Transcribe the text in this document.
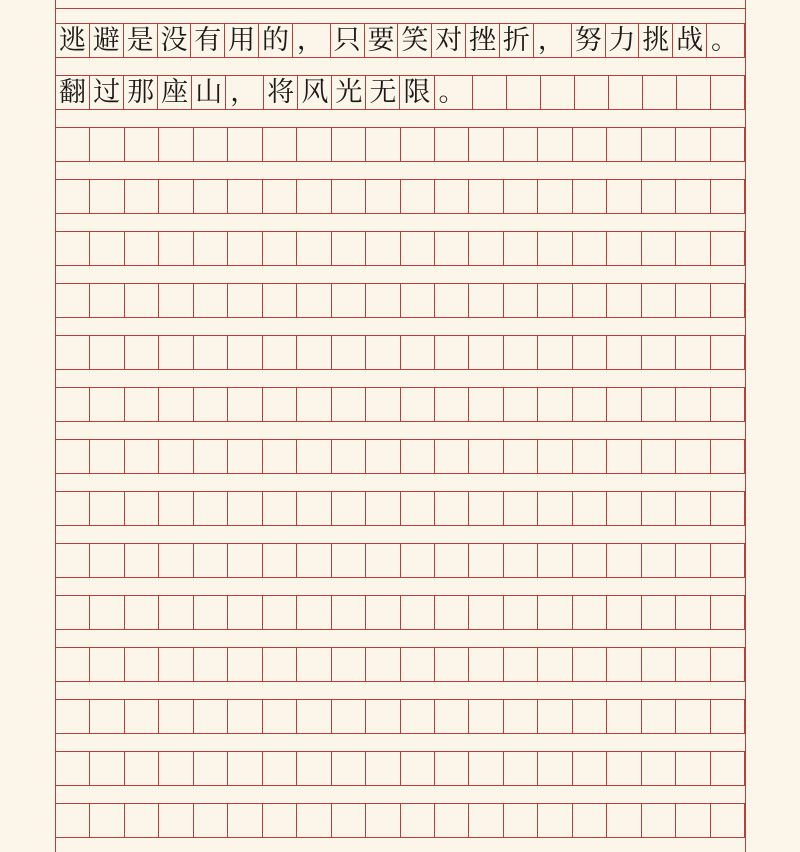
逃 避 是 没 有 用 的 ， 只 要 笑 对 挫 折 ， 努 力 挑 战 。
翻 过 那 座 山 ， 将 风 光 无 限 。
